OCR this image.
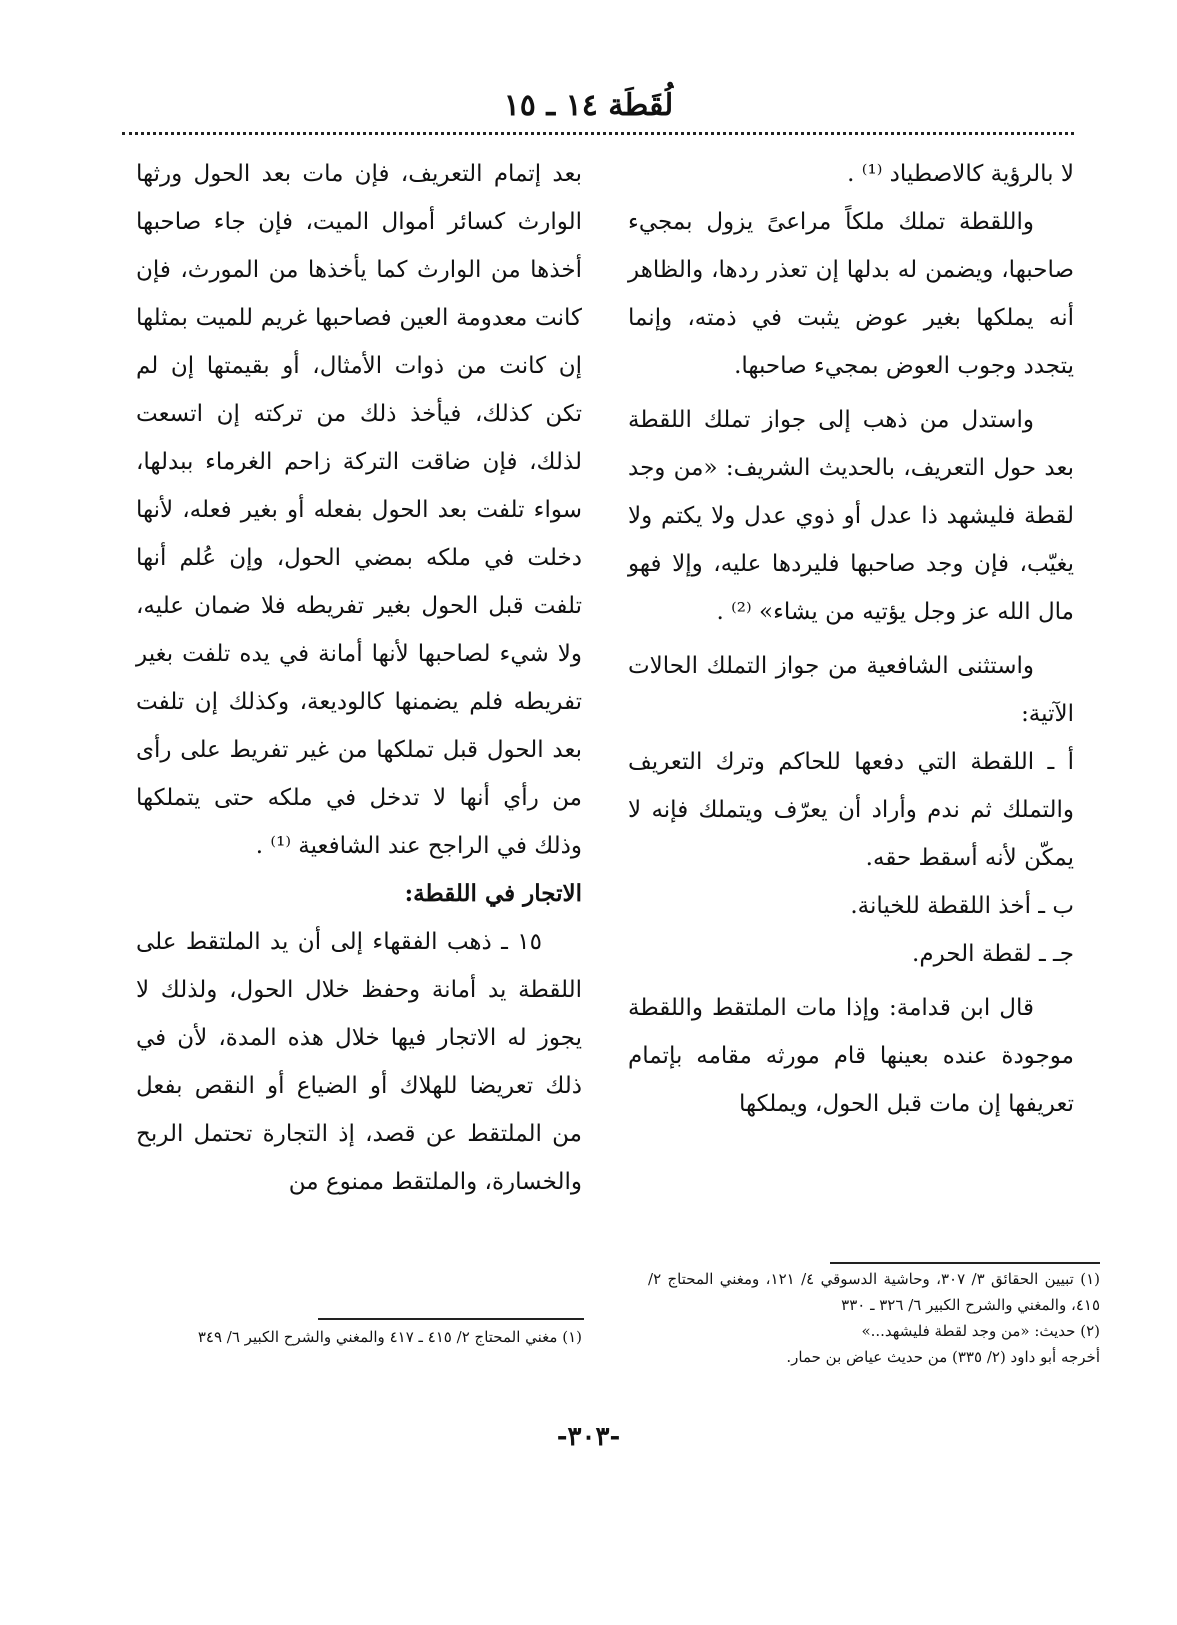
لُقَطَة ١٤ ـ ١٥

لا بالرؤية كالاصطياد ⁽¹⁾ .

واللقطة تملك ملكاً مراعىً يزول بمجيء صاحبها، ويضمن له بدلها إن تعذر ردها، والظاهر أنه يملكها بغير عوض يثبت في ذمته، وإنما يتجدد وجوب العوض بمجيء صاحبها.

واستدل من ذهب إلى جواز تملك اللقطة بعد حول التعريف، بالحديث الشريف: «من وجد لقطة فليشهد ذا عدل أو ذوي عدل ولا يكتم ولا يغيّب، فإن وجد صاحبها فليردها عليه، وإلا فهو مال الله عز وجل يؤتيه من يشاء» ⁽²⁾ .

واستثنى الشافعية من جواز التملك الحالات الآتية:

أ ـ اللقطة التي دفعها للحاكم وترك التعريف والتملك ثم ندم وأراد أن يعرّف ويتملك فإنه لا يمكّن لأنه أسقط حقه.

ب ـ أخذ اللقطة للخيانة.

جـ ـ لقطة الحرم.

قال ابن قدامة: وإذا مات الملتقط واللقطة موجودة عنده بعينها قام مورثه مقامه بإتمام تعريفها إن مات قبل الحول، ويملكها

بعد إتمام التعريف، فإن مات بعد الحول ورثها الوارث كسائر أموال الميت، فإن جاء صاحبها أخذها من الوارث كما يأخذها من المورث، فإن كانت معدومة العين فصاحبها غريم للميت بمثلها إن كانت من ذوات الأمثال، أو بقيمتها إن لم تكن كذلك، فيأخذ ذلك من تركته إن اتسعت لذلك، فإن ضاقت التركة زاحم الغرماء ببدلها، سواء تلفت بعد الحول بفعله أو بغير فعله، لأنها دخلت في ملكه بمضي الحول، وإن عُلم أنها تلفت قبل الحول بغير تفريطه فلا ضمان عليه، ولا شيء لصاحبها لأنها أمانة في يده تلفت بغير تفريطه فلم يضمنها كالوديعة، وكذلك إن تلفت بعد الحول قبل تملكها من غير تفريط على رأى من رأي أنها لا تدخل في ملكه حتى يتملكها وذلك في الراجح عند الشافعية ⁽¹⁾ .

الاتجار في اللقطة:

١٥ ـ ذهب الفقهاء إلى أن يد الملتقط على اللقطة يد أمانة وحفظ خلال الحول، ولذلك لا يجوز له الاتجار فيها خلال هذه المدة، لأن في ذلك تعريضا للهلاك أو الضياع أو النقص بفعل من الملتقط عن قصد، إذ التجارة تحتمل الربح والخسارة، والملتقط ممنوع من

(١) تبيين الحقائق ٣/ ٣٠٧، وحاشية الدسوقي ٤/ ١٢١، ومغني المحتاج ٢/ ٤١٥، والمغني والشرح الكبير ٦/ ٣٢٦ ـ ٣٣٠

(٢) حديث: «من وجد لقطة فليشهد...»

أخرجه أبو داود (٢/ ٣٣٥) من حديث عياض بن حمار.

(١) مغني المحتاج ٢/ ٤١٥ ـ ٤١٧ والمغني والشرح الكبير ٦/ ٣٤٩

-٣٠٣-
